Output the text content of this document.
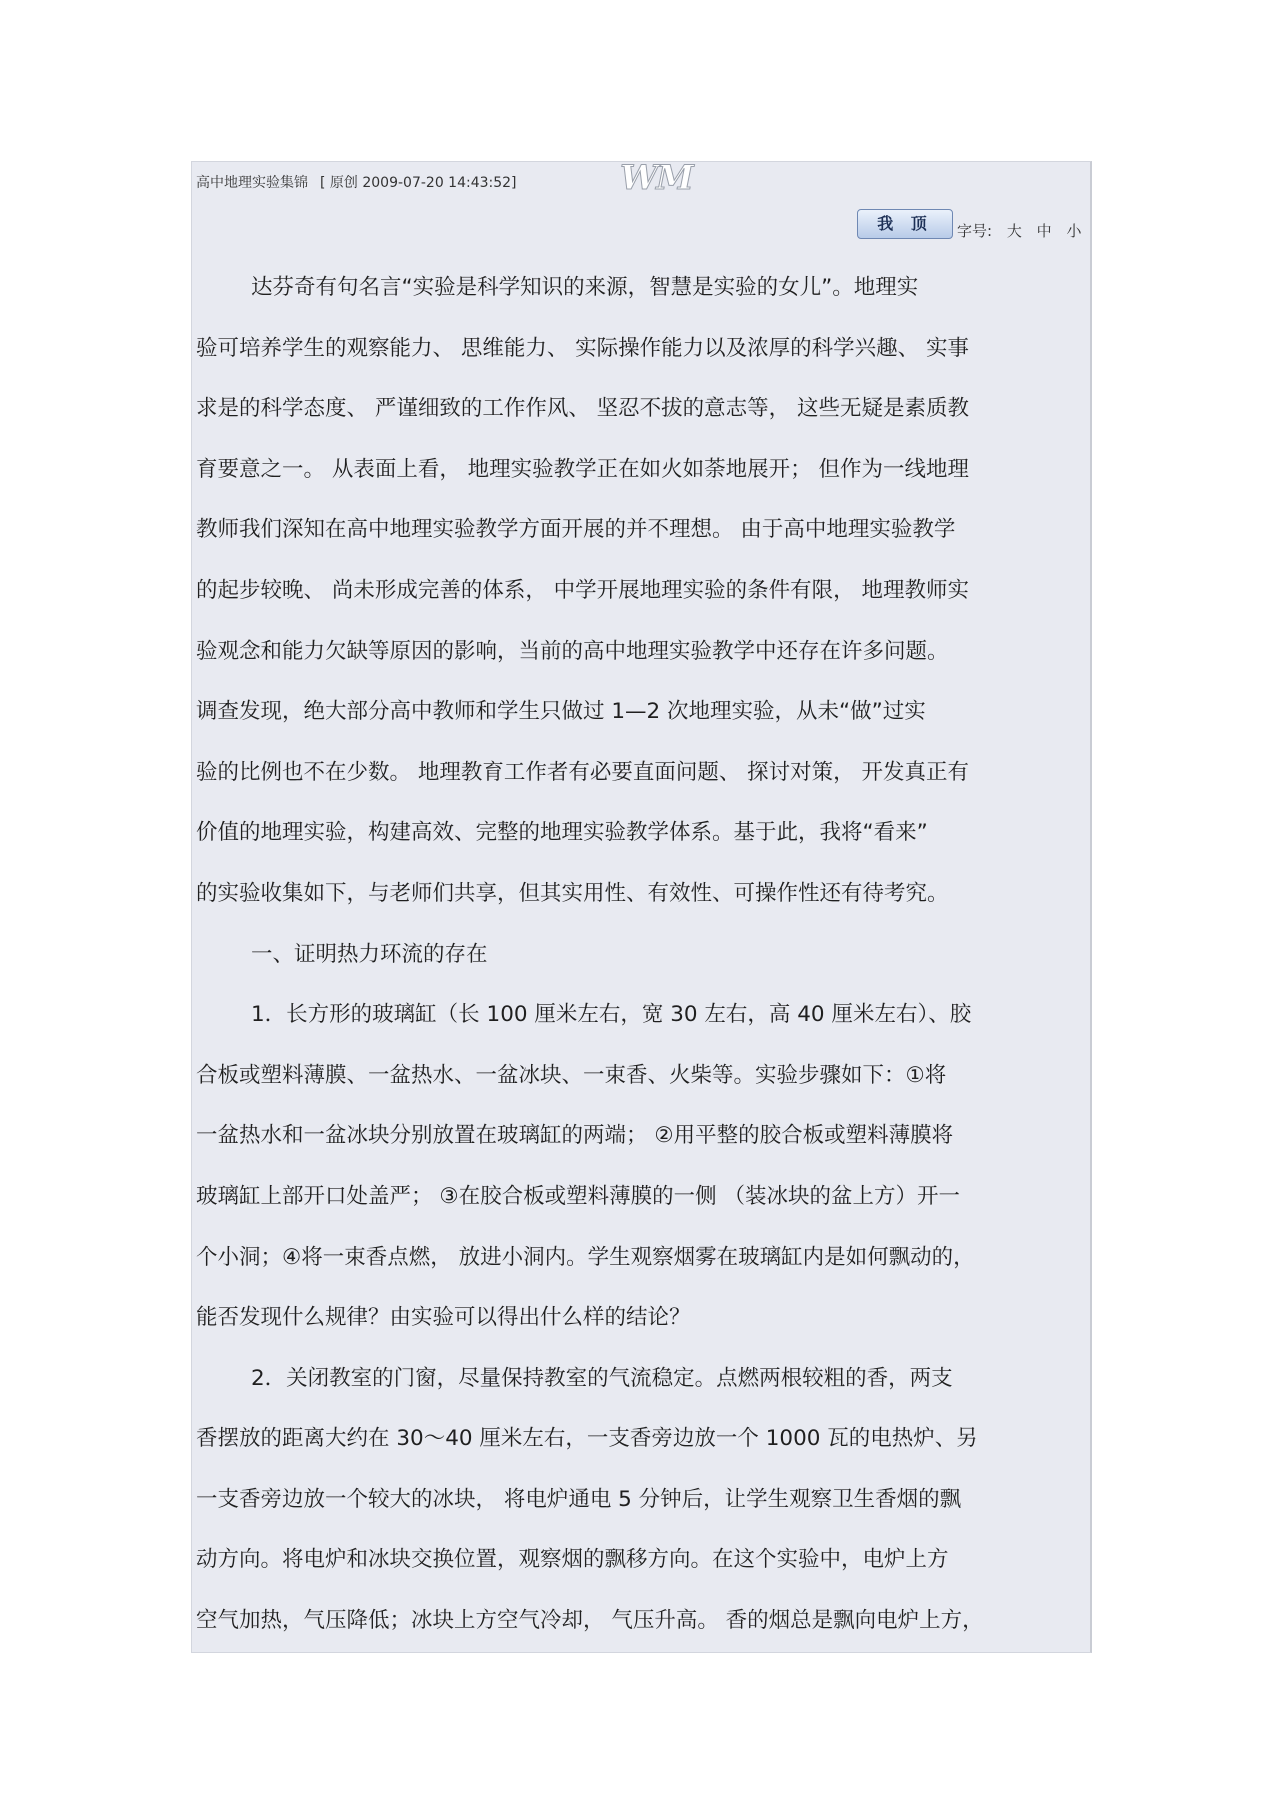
高中地理实验集锦 [ 原创 2009-07-20 14:43:52]	WM
我 顶	字号: 大 中 小
达芬奇有句名言“实验是科学知识的来源，智慧是实验的女儿”。地理实
验可培养学生的观察能力、 思维能力、 实际操作能力以及浓厚的科学兴趣、 实事
求是的科学态度、 严谨细致的工作作风、 坚忍不拔的意志等， 这些无疑是素质教
育要意之一。 从表面上看， 地理实验教学正在如火如荼地展开； 但作为一线地理
教师我们深知在高中地理实验教学方面开展的并不理想。 由于高中地理实验教学
的起步较晚、 尚未形成完善的体系， 中学开展地理实验的条件有限， 地理教师实
验观念和能力欠缺等原因的影响，当前的高中地理实验教学中还存在许多问题。
调查发现，绝大部分高中教师和学生只做过 1—2 次地理实验，从未“做”过实
验的比例也不在少数。 地理教育工作者有必要直面问题、 探讨对策， 开发真正有
价值的地理实验，构建高效、完整的地理实验教学体系。基于此，我将“看来”
的实验收集如下，与老师们共享，但其实用性、有效性、可操作性还有待考究。
一、证明热力环流的存在
1．长方形的玻璃缸（长 100 厘米左右，宽 30 左右，高 40 厘米左右）、胶
合板或塑料薄膜、一盆热水、一盆冰块、一束香、火柴等。实验步骤如下：①将
一盆热水和一盆冰块分别放置在玻璃缸的两端； ②用平整的胶合板或塑料薄膜将
玻璃缸上部开口处盖严； ③在胶合板或塑料薄膜的一侧 （装冰块的盆上方）开一
个小洞；④将一束香点燃， 放进小洞内。学生观察烟雾在玻璃缸内是如何飘动的，
能否发现什么规律？由实验可以得出什么样的结论？
2．关闭教室的门窗，尽量保持教室的气流稳定。点燃两根较粗的香，两支
香摆放的距离大约在 30～40 厘米左右，一支香旁边放一个 1000 瓦的电热炉、另
一支香旁边放一个较大的冰块， 将电炉通电 5 分钟后，让学生观察卫生香烟的飘
动方向。将电炉和冰块交换位置，观察烟的飘移方向。在这个实验中，电炉上方
空气加热，气压降低；冰块上方空气冷却， 气压升高。 香的烟总是飘向电炉上方，
